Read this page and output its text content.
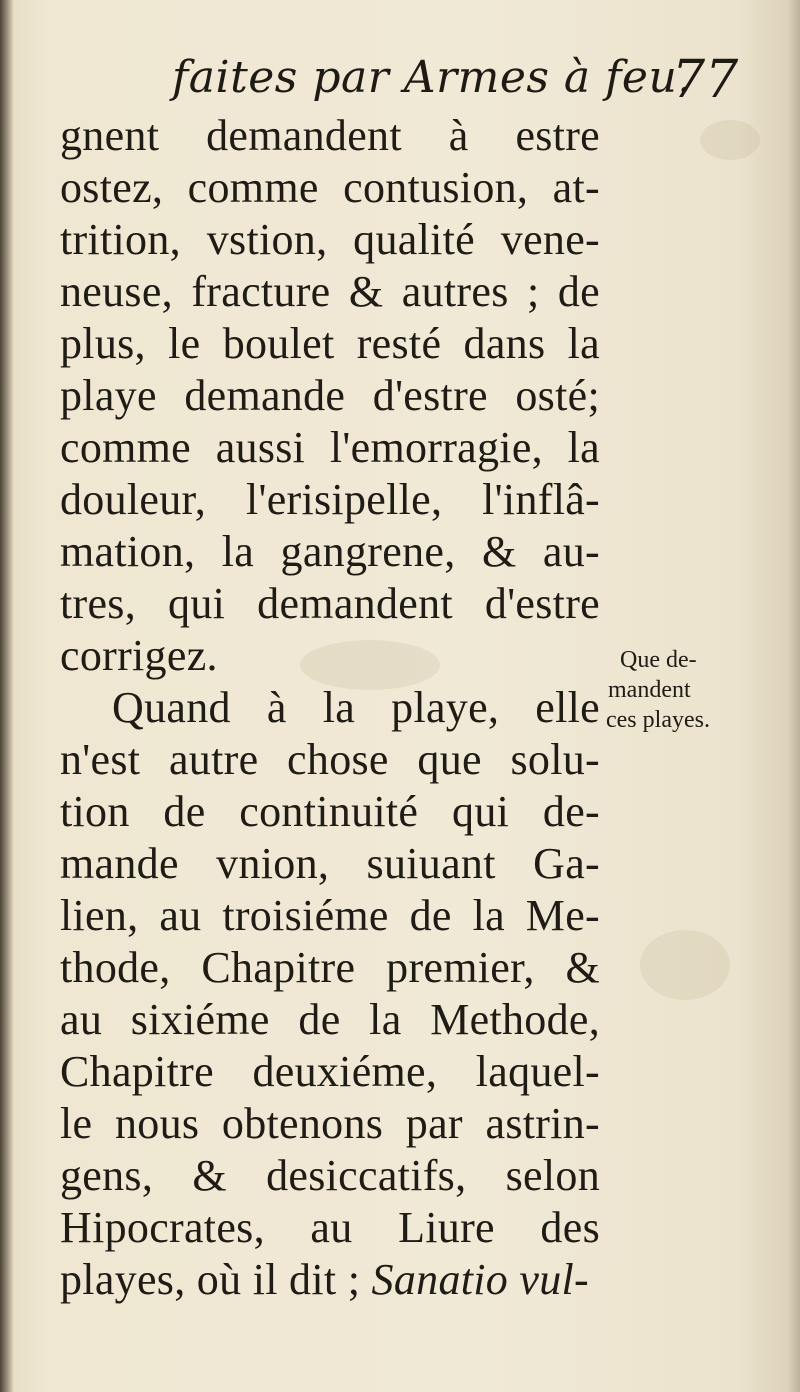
faites par Armes à feu.
77
gnent demandent à estre
ostez, comme contusion, at-
trition, vstion, qualité vene-
neuse, fracture & autres ; de
plus, le boulet resté dans la
playe demande d'estre osté;
comme aussi l'emorragie, la
douleur, l'erisipelle, l'inflâ-
mation, la gangrene, & au-
tres, qui demandent d'estre
corrigez.
Quand à la playe, elle
n'est autre chose que solu-
tion de continuité qui de-
mande vnion, suiuant Ga-
lien, au troisiéme de la Me-
thode, Chapitre premier, &
au sixiéme de la Methode,
Chapitre deuxiéme, laquel-
le nous obtenons par astrin-
gens, & desiccatifs, selon
Hipocrates, au Liure des
playes, où il dit ; Sanatio vul-
Que de-
mandent
ces playes.
